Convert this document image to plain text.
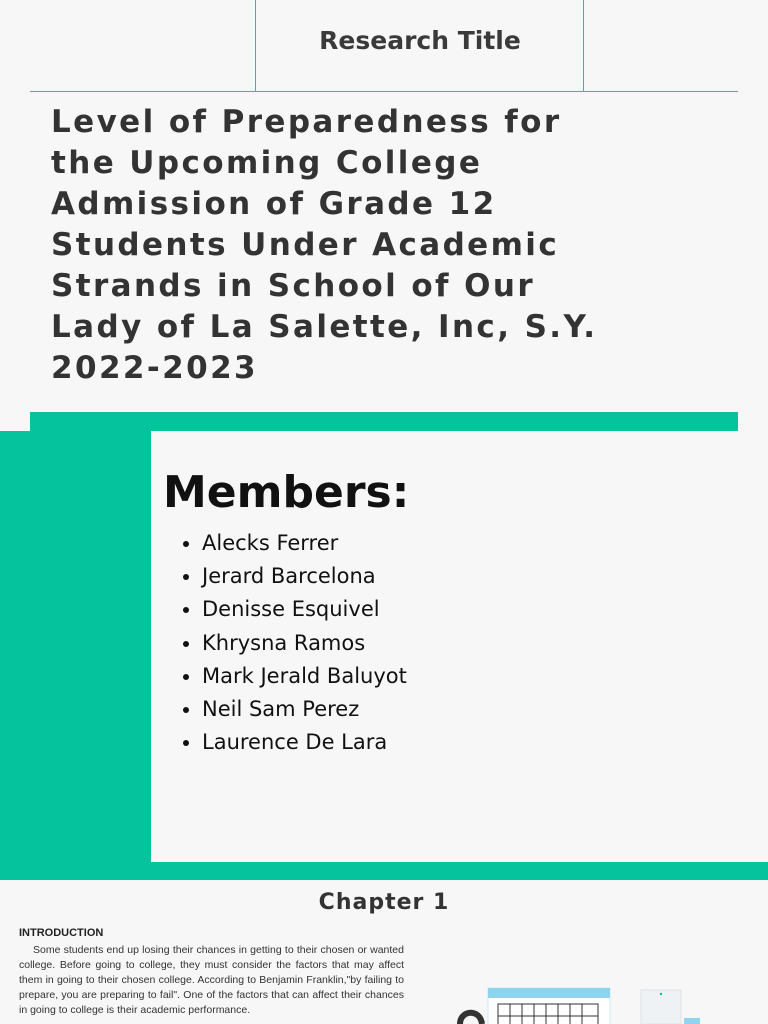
Research Title
Level of Preparedness for
the Upcoming College
Admission of Grade 12
Students Under Academic
Strands in School of Our
Lady of La Salette, Inc, S.Y.
2022-2023
Members:
• Alecks Ferrer
• Jerard Barcelona
• Denisse Esquivel
• Khrysna Ramos
• Mark Jerald Baluyot
• Neil Sam Perez
• Laurence De Lara
Chapter 1
INTRODUCTION

Some students end up losing their chances in getting to their chosen or wanted college. Before going to college, they must consider the factors that may affect them in going to their chosen college. According to Benjamin Franklin,"by failing to prepare, you are preparing to fail". One of the factors that can affect their chances in going to college is their academic performance.
